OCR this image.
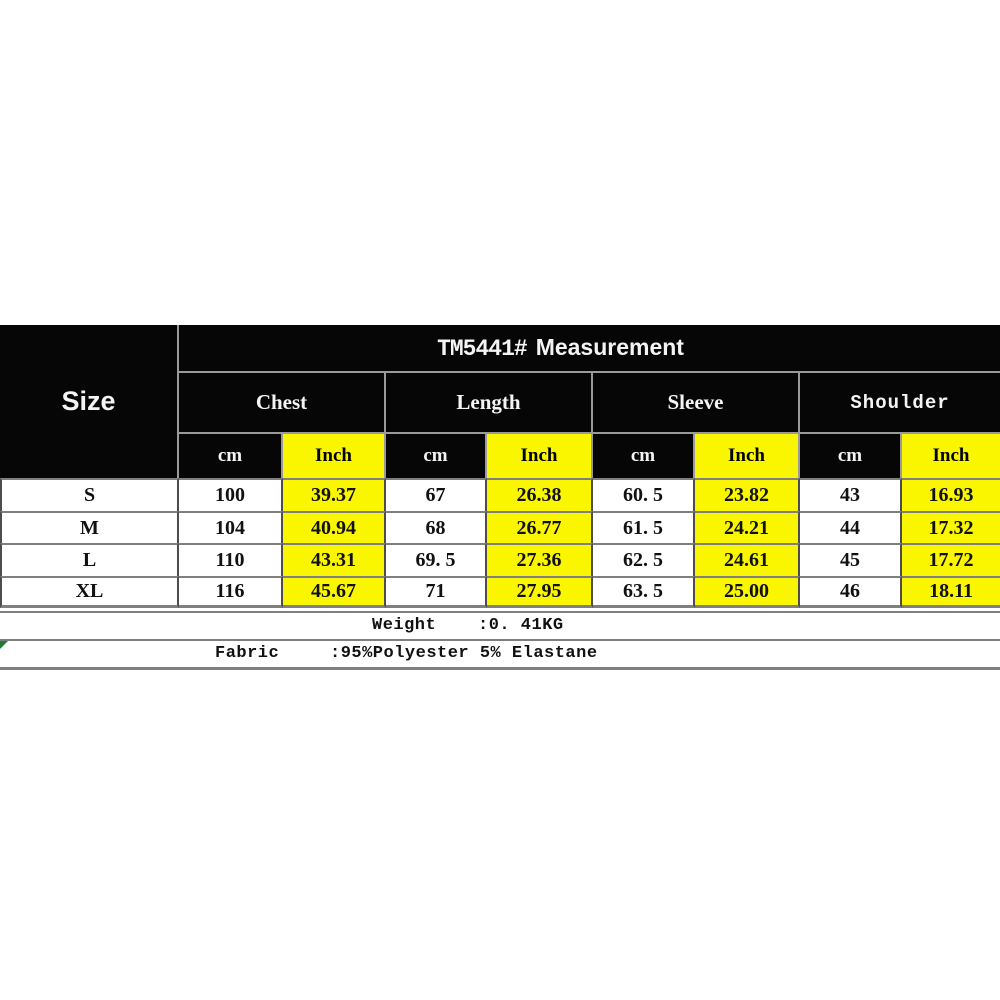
Size	TM5441# Measurement							
	Chest		Length		Sleeve		Shoulder	
	cm	Inch	cm	Inch	cm	Inch	cm	Inch
S	100	39.37	67	26.38	60. 5	23.82	43	16.93
M	104	40.94	68	26.77	61. 5	24.21	44	17.32
L	110	43.31	69. 5	27.36	62. 5	24.61	45	17.72
XL	116	45.67	71	27.95	63. 5	25.00	46	18.11
Weight :0. 41KG
Fabric	:95%Polyester 5% Elastane
